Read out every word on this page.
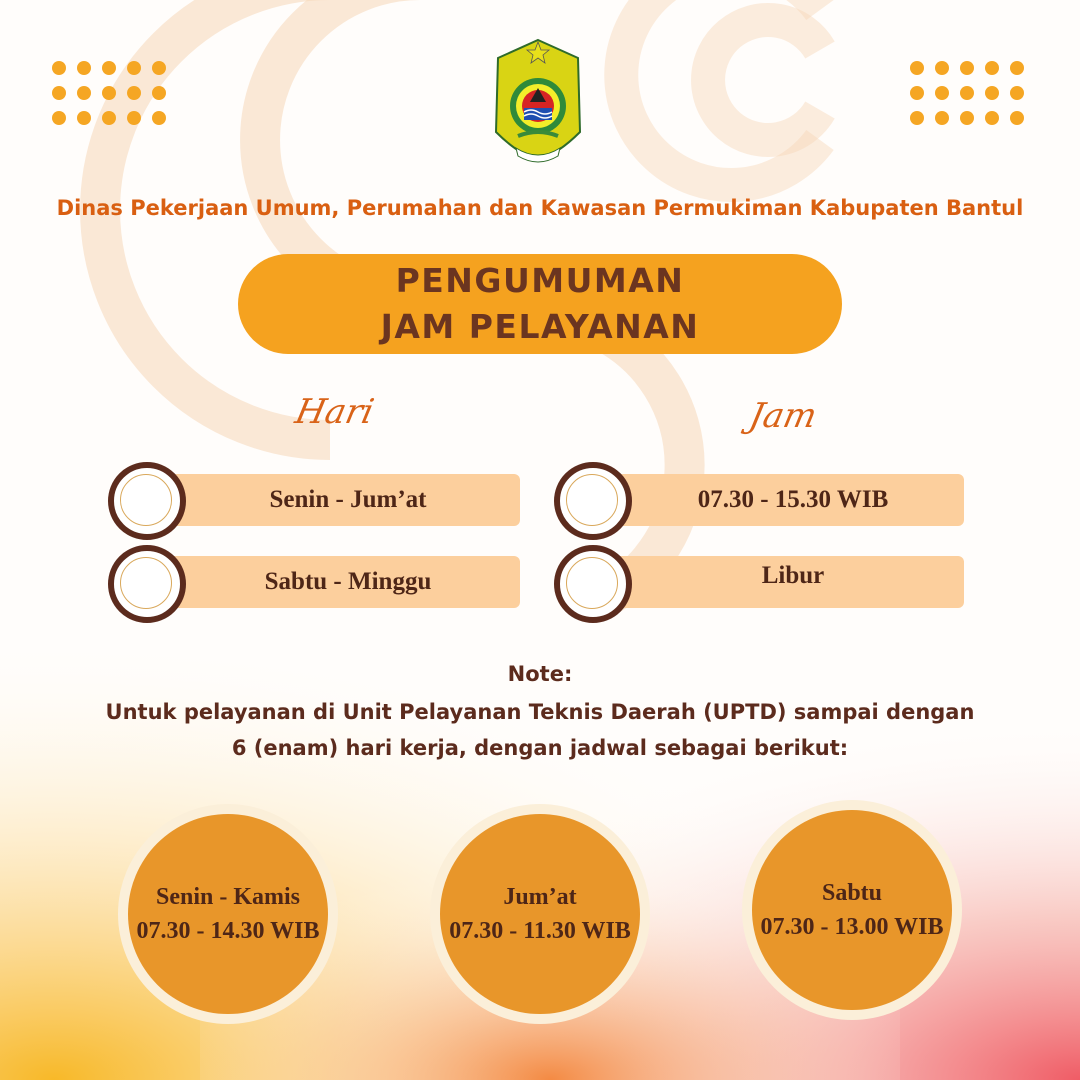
Dinas Pekerjaan Umum, Perumahan dan Kawasan Permukiman Kabupaten Bantul
PENGUMUMAN
JAM PELAYANAN
Hari	Jam
Senin - Jum’at	07.30 - 15.30 WIB
Sabtu - Minggu	Libur
Note:
Untuk pelayanan di Unit Pelayanan Teknis Daerah (UPTD) sampai dengan
6 (enam) hari kerja, dengan jadwal sebagai berikut:
Senin - Kamis
07.30 - 14.30 WIB
Jum’at
07.30 - 11.30 WIB
Sabtu
07.30 - 13.00 WIB
